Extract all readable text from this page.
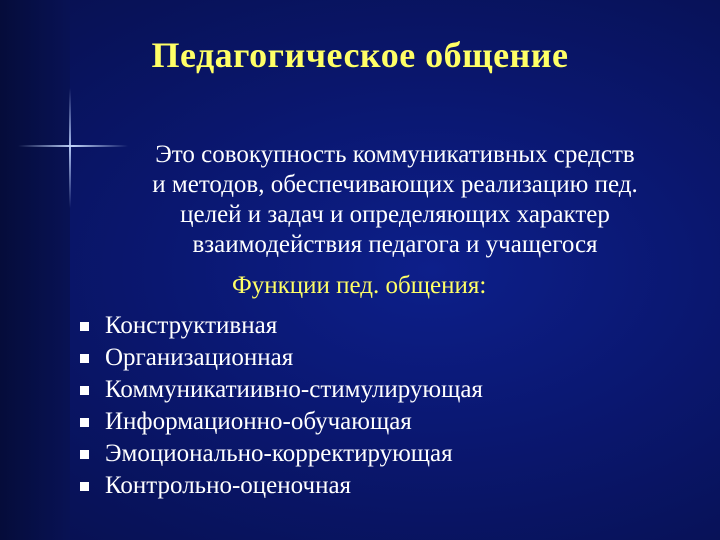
Педагогическое общение
Это совокупность коммуникативных средств
и методов, обеспечивающих реализацию пед.
целей и задач и определяющих характер
взаимодействия педагога и учащегося
Функции пед. общения:
Конструктивная
Организационная
Коммуникатиивно-стимулирующая
Информационно-обучающая
Эмоционально-корректирующая
Контрольно-оценочная
